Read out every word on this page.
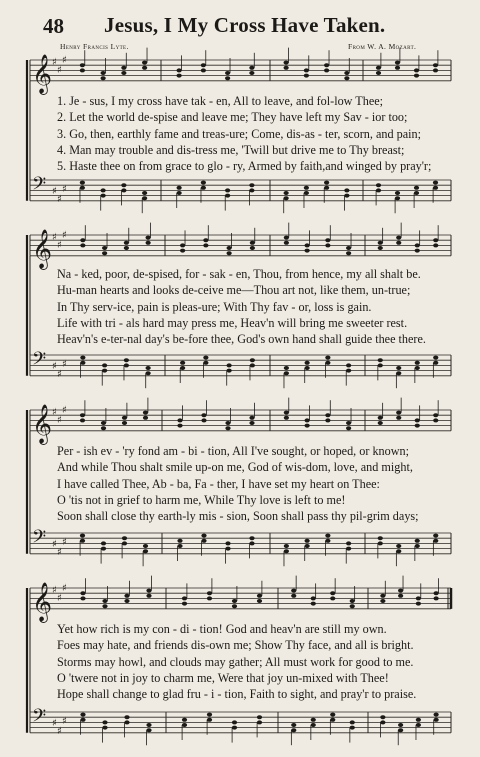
48 Jesus, I My Cross Have Taken.
Henry Francis Lyte.	From W. A. Mozart.
𝄞 ♯
♯
♯
𝄢 ♯
♯
♯
𝄞 ♯
♯
♯
𝄢 ♯
♯
♯
𝄞 ♯
♯
♯
𝄢 ♯
♯
♯
𝄞 ♯
♯
♯
𝄢 ♯
♯
♯
1. Je - sus, I my cross have tak - en, All to leave, and fol-low Thee;
2. Let the world de-spise and leave me; They have left my Sav - ior too;
3. Go, then, earthly fame and treas-ure; Come, dis-as - ter, scorn, and pain;
4. Man may trouble and dis-tress me, 'Twill but drive me to Thy breast;
5. Haste thee on from grace to glo - ry, Armed by faith,and winged by pray'r;
Na - ked, poor, de-spised, for - sak - en, Thou, from hence, my all shalt be.
Hu-man hearts and looks de-ceive me—Thou art not, like them, un-true;
In Thy serv-ice, pain is pleas-ure; With Thy fav - or, loss is gain.
Life with tri - als hard may press me, Heav'n will bring me sweeter rest.
Heav'n's e-ter-nal day's be-fore thee, God's own hand shall guide thee there.
Per - ish ev - 'ry fond am - bi - tion, All I've sought, or hoped, or known;
And while Thou shalt smile up-on me, God of wis-dom, love, and might,
I have called Thee, Ab - ba, Fa - ther, I have set my heart on Thee:
O 'tis not in grief to harm me, While Thy love is left to me!
Soon shall close thy earth-ly mis - sion, Soon shall pass thy pil-grim days;
Yet how rich is my con - di - tion! God and heav'n are still my own.
Foes may hate, and friends dis-own me; Show Thy face, and all is bright.
Storms may howl, and clouds may gather; All must work for good to me.
O 'twere not in joy to charm me, Were that joy un-mixed with Thee!
Hope shall change to glad fru - i - tion, Faith to sight, and pray'r to praise.
